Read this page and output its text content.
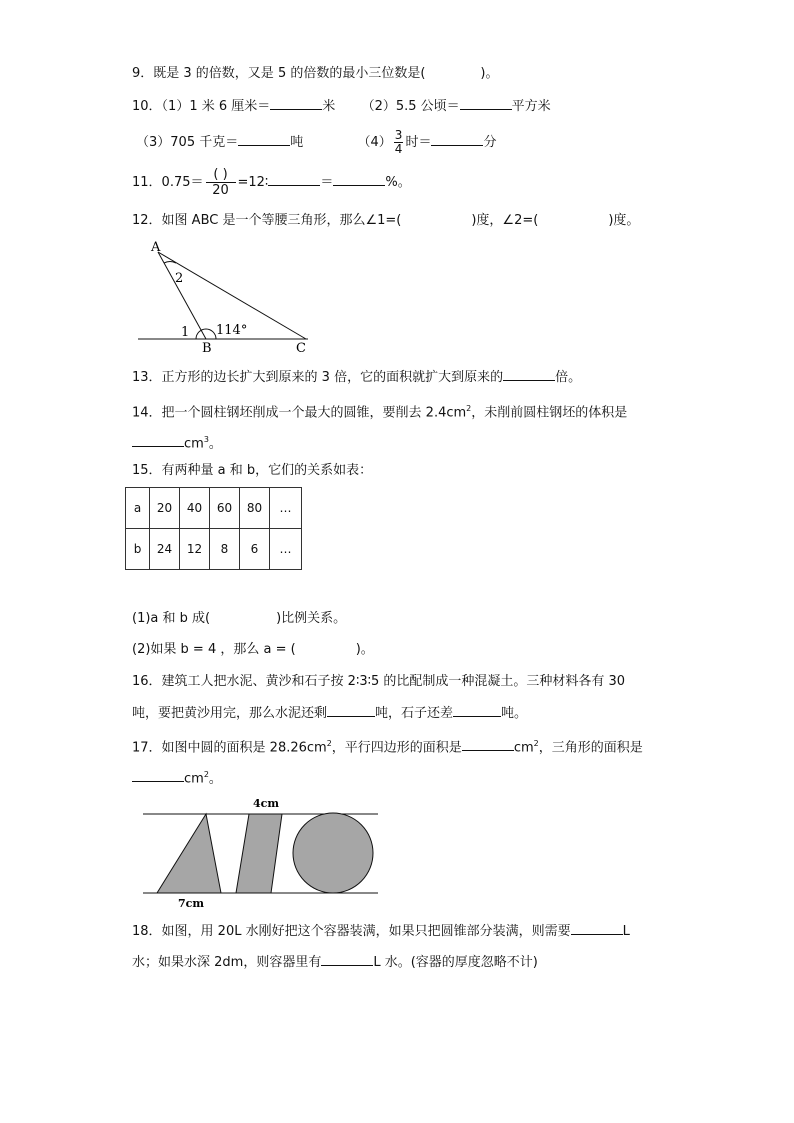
9．既是 3 的倍数，又是 5 的倍数的最小三位数是(	)。
10．（1）1 米 6 厘米＝	米 （2）5.5 公顷＝	平方米
（3）705 千克＝	吨	$(4) \frac{3}{4}$ 时＝	分
11．$0.75= \frac{( )}{20}$ =12∶	＝	%。
12．如图 ABC 是一个等腰三角形，那么∠1=(	)度，∠2=(	)度。
A
2
1 114°
B	C
13．正方形的边长扩大到原来的 3 倍，它的面积就扩大到原来的	倍。
14．把一个圆柱钢坯削成一个最大的圆锥，要削去 $2.4cm^2$，未削前圆柱钢坯的体积是
$cm^3$。
15．有两种量 a 和 b，它们的关系如表：
a	20	40	60	80	…
b	24	12	8	6	…
(1)a 和 b 成(	)比例关系。
(2)如果 b = 4 ，那么 a = (	)。
16．建筑工人把水泥、黄沙和石子按 2∶3∶5 的比配制成一种混凝土。三种材料各有 30
吨，要把黄沙用完，那么水泥还剩	吨，石子还差	吨。
17．如图中圆的面积是 $28.26cm^2$，平行四边形的面积是	$cm^2$，三角形的面积是
$cm^2$。
4cm
7cm
18．如图，用 20L 水刚好把这个容器装满，如果只把圆锥部分装满，则需要	L
水；如果水深 2dm，则容器里有	L 水。(容器的厚度忽略不计)
